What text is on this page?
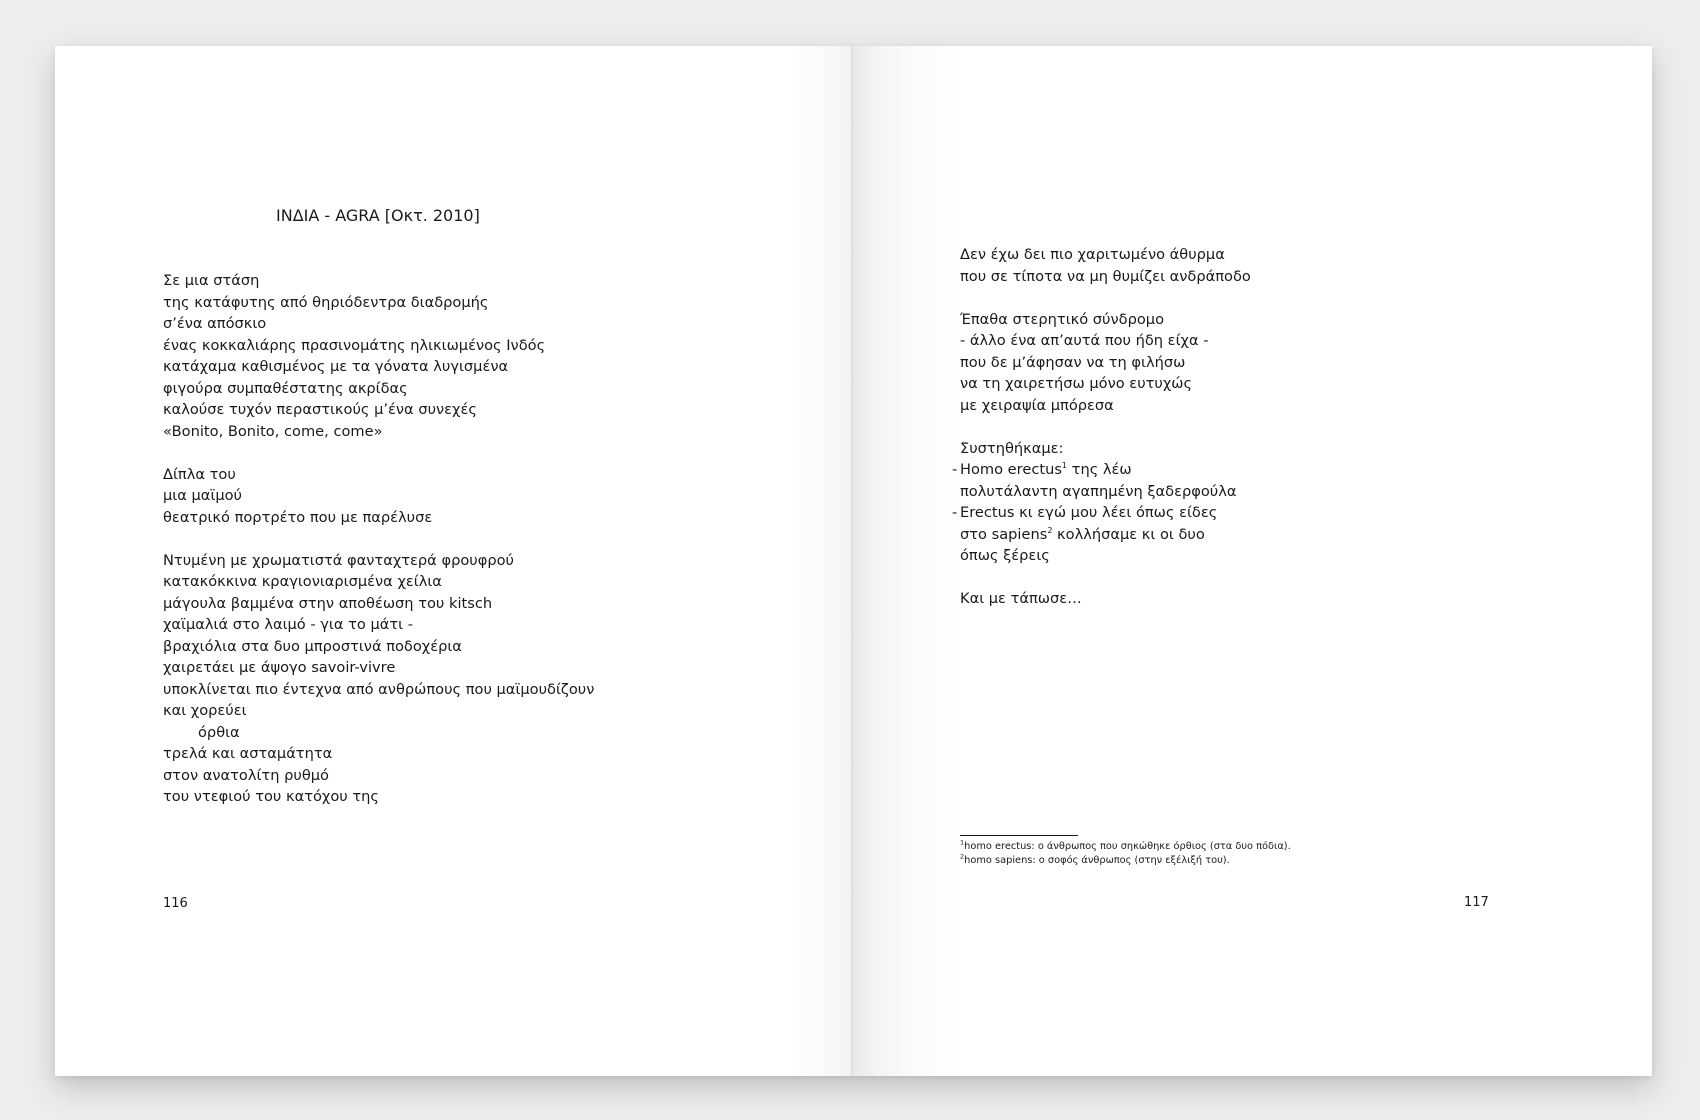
ΙΝΔΙΑ - AGRA [Οκτ. 2010]
Σε μια στάση
της κατάφυτης από θηριόδεντρα διαδρομής
σ’ένα απόσκιο
ένας κοκκαλιάρης πρασινομάτης ηλικιωμένος Ινδός
κατάχαμα καθισμένος με τα γόνατα λυγισμένα
φιγούρα συμπαθέστατης ακρίδας
καλούσε τυχόν περαστικούς μ’ένα συνεχές
«Bonito, Bonito, come, come»
Δίπλα του
μια μαϊμού
θεατρικό πορτρέτο που με παρέλυσε
Ντυμένη με χρωματιστά φανταχτερά φρουφρού
κατακόκκινα κραγιονιαρισμένα χείλια
μάγουλα βαμμένα στην αποθέωση του kitsch
χαϊμαλιά στο λαιμό - για το μάτι -
βραχιόλια στα δυο μπροστινά ποδοχέρια
χαιρετάει με άψογο savoir-vivre
υποκλίνεται πιο έντεχνα από ανθρώπους που μαϊμουδίζουν
και χορεύει
όρθια
τρελά και ασταμάτητα
στον ανατολίτη ρυθμό
του ντεφιού του κατόχου της
116
Δεν έχω δει πιο χαριτωμένο άθυρμα
που σε τίποτα να μη θυμίζει ανδράποδο
Έπαθα στερητικό σύνδρομο
- άλλο ένα απ’αυτά που ήδη είχα -
που δε μ’άφησαν να τη φιλήσω
να τη χαιρετήσω μόνο ευτυχώς
με χειραψία μπόρεσα
Συστηθήκαμε:
- Homo erectus$^1$ της λέω
πολυτάλαντη αγαπημένη ξαδερφούλα
- Erectus κι εγώ μου λέει όπως είδες
στο sapiens$^2$ κολλήσαμε κι οι δυο
όπως ξέρεις
Και με τάπωσε…
$^1$homo erectus: ο άνθρωπος που σηκώθηκε όρθιος (στα δυο πόδια).
$^2$homo sapiens: ο σοφός άνθρωπος (στην εξέλιξή του).
117
